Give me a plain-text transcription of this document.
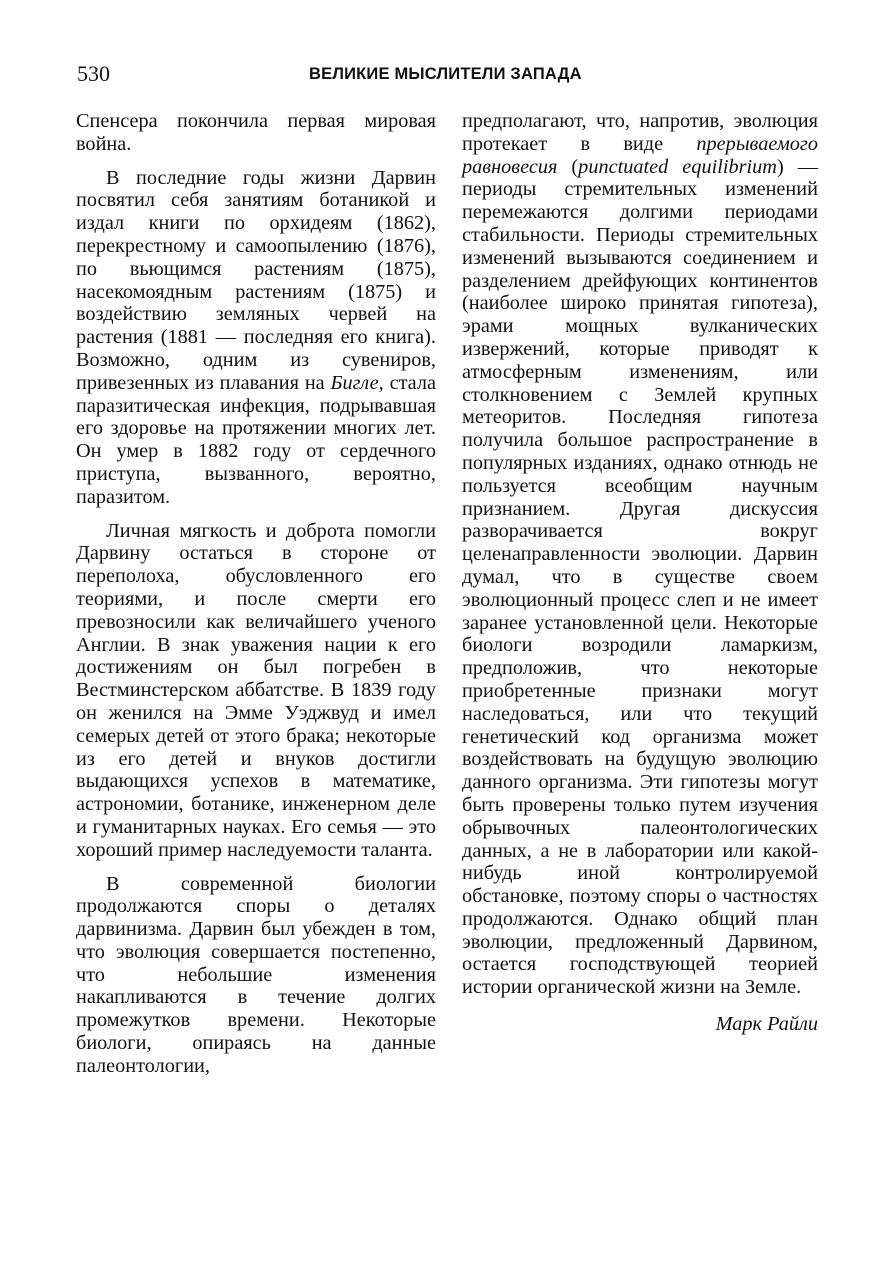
530	ВЕЛИКИЕ МЫСЛИТЕЛИ ЗАПАДА

Спенсера покончила первая мировая война.

В последние годы жизни Дарвин посвятил себя занятиям ботаникой и издал книги по орхидеям (1862), перекрестному и самоопылению (1876), по вьющимся растениям (1875), насекомоядным растениям (1875) и воздействию земляных червей на растения (1881 — последняя его книга). Возможно, одним из сувениров, привезенных из плавания на Бигле, стала паразитическая инфекция, подрывавшая его здоровье на протяжении многих лет. Он умер в 1882 году от сердечного приступа, вызванного, вероятно, паразитом.

Личная мягкость и доброта помогли Дарвину остаться в стороне от переполоха, обусловленного его теориями, и после смерти его превозносили как величайшего ученого Англии. В знак уважения нации к его достижениям он был погребен в Вестминстерском аббатстве. В 1839 году он женился на Эмме Уэджвуд и имел семерых детей от этого брака; некоторые из его детей и внуков достигли выдающихся успехов в математике, астрономии, ботанике, инженерном деле и гуманитарных науках. Его семья — это хороший пример наследуемости таланта.

В современной биологии продолжаются споры о деталях дарвинизма. Дарвин был убежден в том, что эволюция совершается постепенно, что небольшие изменения накапливаются в течение долгих промежутков времени. Некоторые биологи, опираясь на данные палеонтологии,

предполагают, что, напротив, эволюция протекает в виде прерываемого равновесия (punctuated equilibrium) — периоды стремительных изменений перемежаются долгими периодами стабильности. Периоды стремительных изменений вызываются соединением и разделением дрейфующих континентов (наиболее широко принятая гипотеза), эрами мощных вулканических извержений, которые приводят к атмосферным изменениям, или столкновением с Землей крупных метеоритов. Последняя гипотеза получила большое распространение в популярных изданиях, однако отнюдь не пользуется всеобщим научным признанием. Другая дискуссия разворачивается вокруг целенаправленности эволюции. Дарвин думал, что в существе своем эволюционный процесс слеп и не имеет заранее установленной цели. Некоторые биологи возродили ламаркизм, предположив, что некоторые приобретенные признаки могут наследоваться, или что текущий генетический код организма может воздействовать на будущую эволюцию данного организма. Эти гипотезы могут быть проверены только путем изучения обрывочных палеонтологических данных, а не в лаборатории или какой-нибудь иной контролируемой обстановке, поэтому споры о частностях продолжаются. Однако общий план эволюции, предложенный Дарвином, остается господствующей теорией истории органической жизни на Земле.

Марк Райли
